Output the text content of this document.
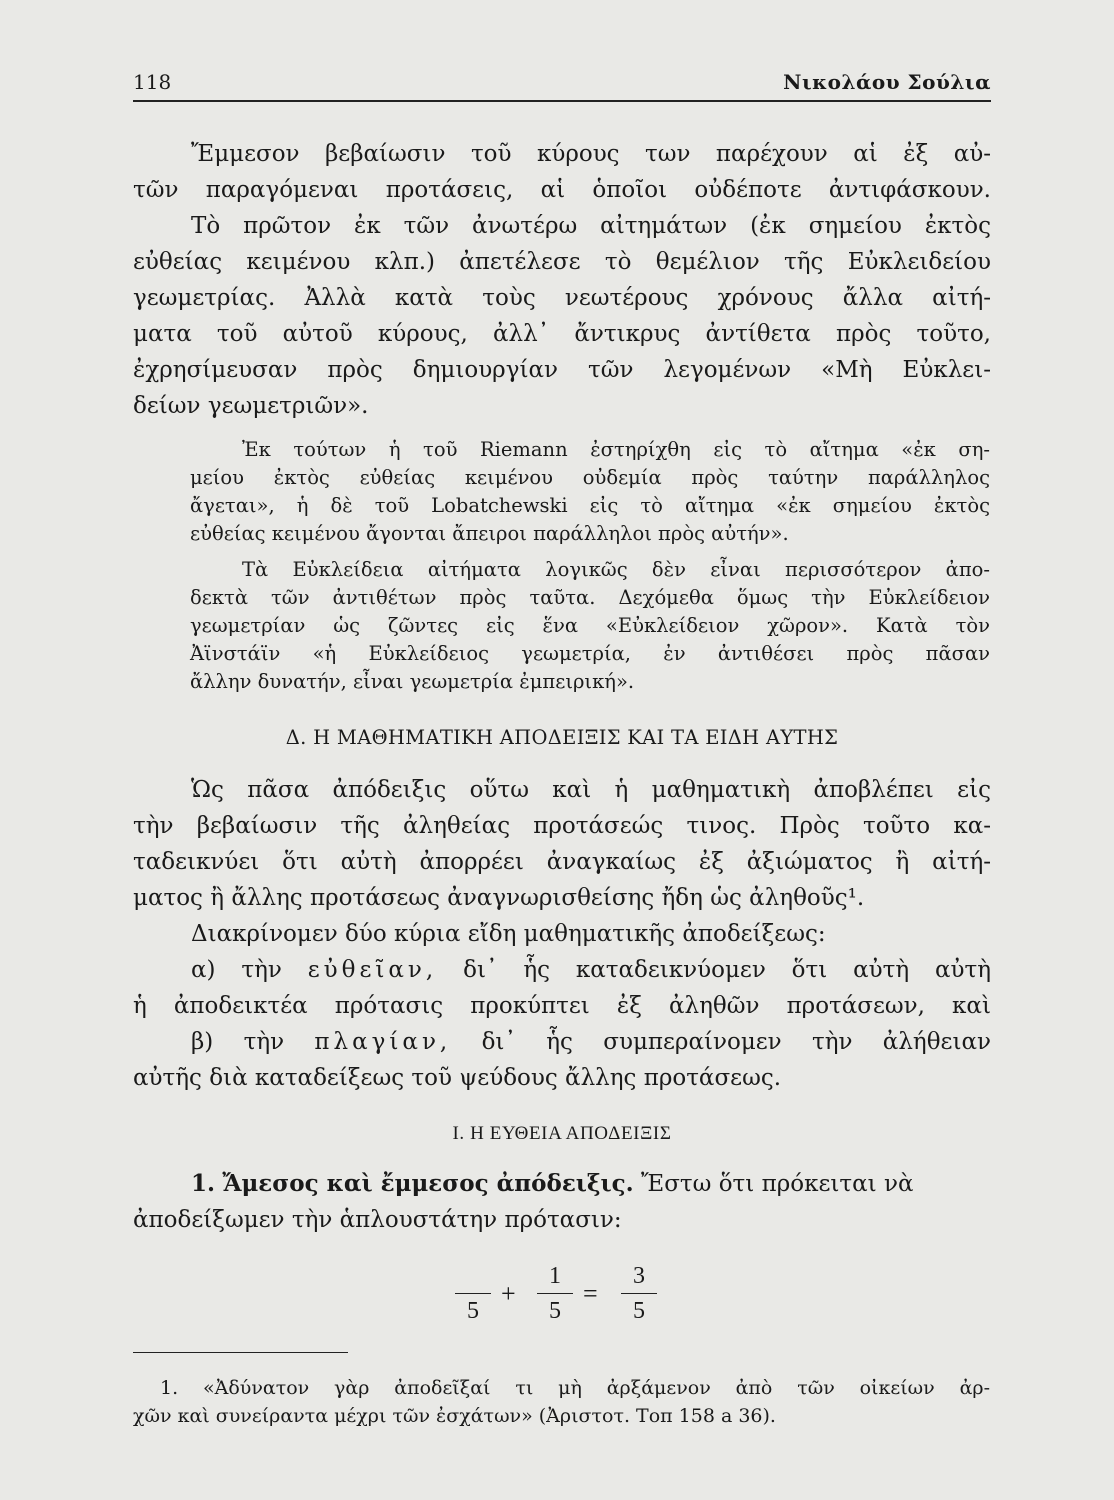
118	Νικολάου Σούλια
Ἔμμεσον βεβαίωσιν τοῦ κύρους των παρέχουν αἱ ἐξ αὐ-
τῶν παραγόμεναι προτάσεις, αἱ ὁποῖοι οὐδέποτε ἀντιφάσκουν.
Τὸ πρῶτον ἐκ τῶν ἀνωτέρω αἰτημάτων (ἐκ σημείου ἐκτὸς
εὐθείας κειμένου κλπ.) ἀπετέλεσε τὸ θεμέλιον τῆς Εὐκλειδείου
γεωμετρίας. Ἀλλὰ κατὰ τοὺς νεωτέρους χρόνους ἄλλα αἰτή-
ματα τοῦ αὐτοῦ κύρους, ἀλλ᾽ ἄντικρυς ἀντίθετα πρὸς τοῦτο,
ἐχρησίμευσαν πρὸς δημιουργίαν τῶν λεγομένων «Μὴ Εὐκλει-
δείων γεωμετριῶν».
Ἐκ τούτων ἡ τοῦ Riemann ἐστηρίχθη εἰς τὸ αἴτημα «ἐκ ση-
μείου ἐκτὸς εὐθείας κειμένου οὐδεμία πρὸς ταύτην παράλληλος
ἄγεται», ἡ δὲ τοῦ Lobatchewski εἰς τὸ αἴτημα «ἐκ σημείου ἐκτὸς
εὐθείας κειμένου ἄγονται ἄπειροι παράλληλοι πρὸς αὐτήν».
Τὰ Εὐκλείδεια αἰτήματα λογικῶς δὲν εἶναι περισσότερον ἀπο-
δεκτὰ τῶν ἀντιθέτων πρὸς ταῦτα. Δεχόμεθα ὅμως τὴν Εὐκλείδειον
γεωμετρίαν ὡς ζῶντες εἰς ἕνα «Εὐκλείδειον χῶρον». Κατὰ τὸν
Ἀϊνστάϊν «ἡ Εὐκλείδειος γεωμετρία, ἐν ἀντιθέσει πρὸς πᾶσαν
ἄλλην δυνατήν, εἶναι γεωμετρία ἐμπειρική».
Δ. Η ΜΑΘΗΜΑΤΙΚΗ ΑΠΟΔΕΙΞΙΣ ΚΑΙ ΤΑ ΕΙΔΗ ΑΥΤΗΣ
Ὡς πᾶσα ἀπόδειξις οὕτω καὶ ἡ μαθηματικὴ ἀποβλέπει εἰς
τὴν βεβαίωσιν τῆς ἀληθείας προτάσεώς τινος. Πρὸς τοῦτο κα-
ταδεικνύει ὅτι αὐτὴ ἀπορρέει ἀναγκαίως ἐξ ἀξιώματος ἢ αἰτή-
ματος ἢ ἄλλης προτάσεως ἀναγνωρισθείσης ἤδη ὡς ἀληθοῦς¹.
Διακρίνομεν δύο κύρια εἴδη μαθηματικῆς ἀποδείξεως:
α) τὴν εὐθεῖαν, δι᾽ ἧς καταδεικνύομεν ὅτι αὐτὴ αὐτὴ
ἡ ἀποδεικτέα πρότασις προκύπτει ἐξ ἀληθῶν προτάσεων, καὶ
β) τὴν πλαγίαν, δι᾽ ἧς συμπεραίνομεν τὴν ἀλήθειαν
αὐτῆς διὰ καταδείξεως τοῦ ψεύδους ἄλλης προτάσεως.
Ι. Η ΕΥΘΕΙΑ ΑΠΟΔΕΙΞΙΣ
1. Ἄμεσος καὶ ἔμμεσος ἀπόδειξις. Ἔστω ὅτι πρόκειται νὰ
ἀποδείξωμεν τὴν ἁπλουστάτην πρότασιν:
5
+
1
5
=
3
5
1. «Ἀδύνατον γὰρ ἀποδεῖξαί τι μὴ ἀρξάμενον ἀπὸ τῶν οἰκείων ἀρ-
χῶν καὶ συνείραντα μέχρι τῶν ἐσχάτων» (Ἀριστοτ. Τοπ 158 a 36).
